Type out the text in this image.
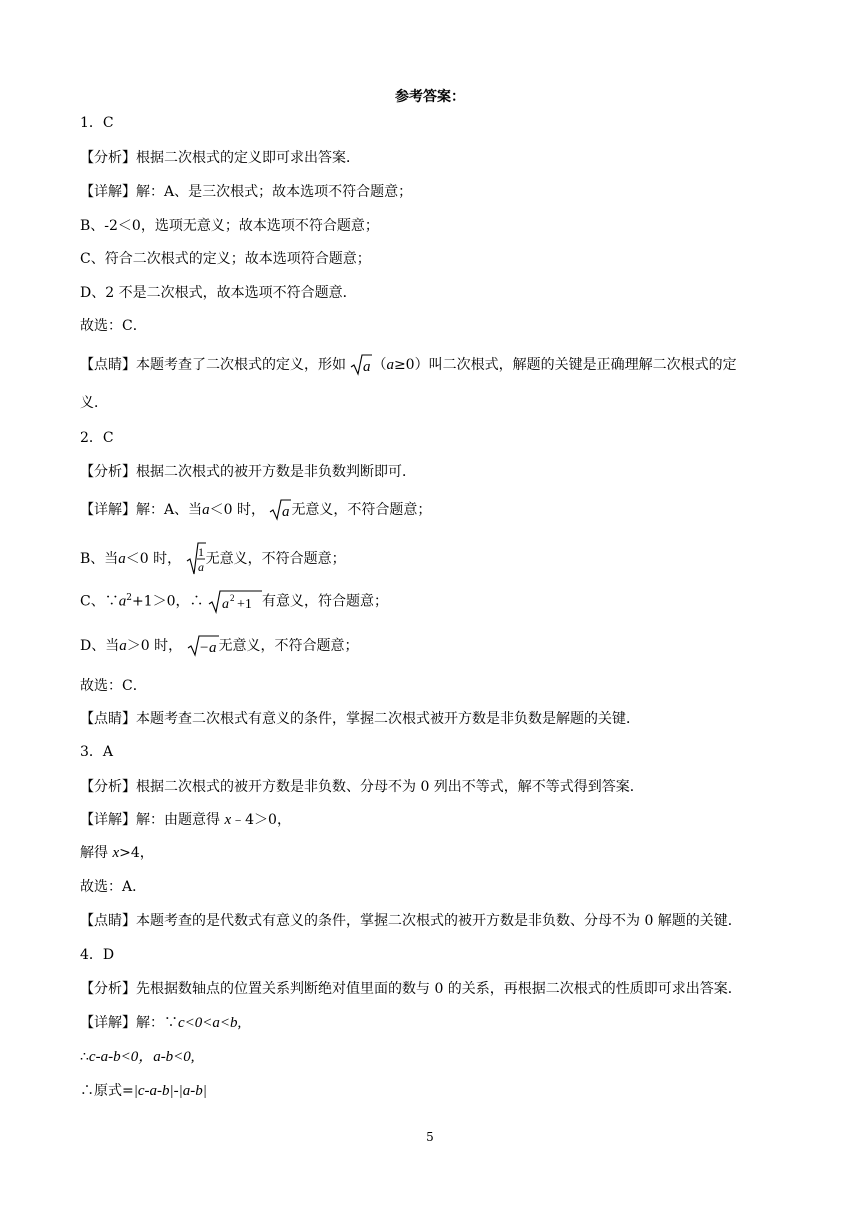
参考答案：
1．C
【分析】根据二次根式的定义即可求出答案．
【详解】解：A、是三次根式；故本选项不符合题意；
B、-2＜0，选项无意义；故本选项不符合题意；
C、符合二次根式的定义；故本选项符合题意；
D、2 不是二次根式，故本选项不符合题意．
故选：C．
【点睛】本题考查了二次根式的定义，形如 a （a≥0）叫二次根式，解题的关键是正确理解二次根式的定
义．
2．C
【分析】根据二次根式的被开方数是非负数判断即可．
【详解】解：A、当a＜0 时， a 无意义，不符合题意；
B、当a＜0 时， 1
a 无意义，不符合题意；
C、$\because a^2+1>0$，∴ a 2 +1 有意义，符合题意；
D、当a＞0 时， − a 无意义，不符合题意；
故选：C．
【点睛】本题考查二次根式有意义的条件，掌握二次根式被开方数是非负数是解题的关键．
3．A
【分析】根据二次根式的被开方数是非负数、分母不为 0 列出不等式，解不等式得到答案．
【详解】解：由题意得 x﹣4＞0，
解得 x>4，
故选：A．
【点睛】本题考查的是代数式有意义的条件，掌握二次根式的被开方数是非负数、分母不为 0 解题的关键．
4．D
【分析】先根据数轴点的位置关系判断绝对值里面的数与 0 的关系，再根据二次根式的性质即可求出答案．
【详解】解：∵c<0<a<b,
∴c-a-b<0，a-b<0,
∴原式=|c-a-b|-|a-b|
5
